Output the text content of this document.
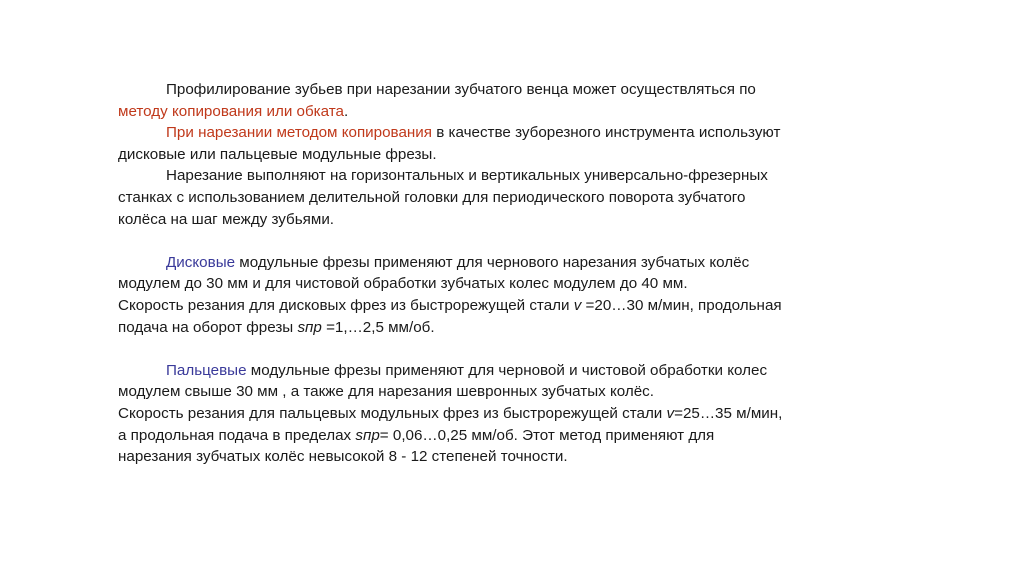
Профилирование зубьев при нарезании зубчатого венца может осуществляться по
методу копирования или обката.
При нарезании методом копирования в качестве зуборезного инструмента используют
дисковые или пальцевые модульные фрезы.
Нарезание выполняют на горизонтальных и вертикальных универсально-фрезерных
станках с использованием делительной головки для периодического поворота зубчатого
колёса на шаг между зубьями.
Дисковые модульные фрезы применяют для чернового нарезания зубчатых колёс
модулем до 30 мм и для чистовой обработки зубчатых колес модулем до 40 мм.
Скорость резания для дисковых фрез из быстрорежущей стали v =20…30 м/мин, продольная
подача на оборот фрезы sпр =1,…2,5 мм/об.
Пальцевые модульные фрезы применяют для черновой и чистовой обработки колес
модулем свыше 30 мм , а также для нарезания шевронных зубчатых колёс.
Скорость резания для пальцевых модульных фрез из быстрорежущей стали v=25…35 м/мин,
а продольная подача в пределах sпр= 0,06…0,25 мм/об. Этот метод применяют для
нарезания зубчатых колёс невысокой 8 - 12 степеней точности.
